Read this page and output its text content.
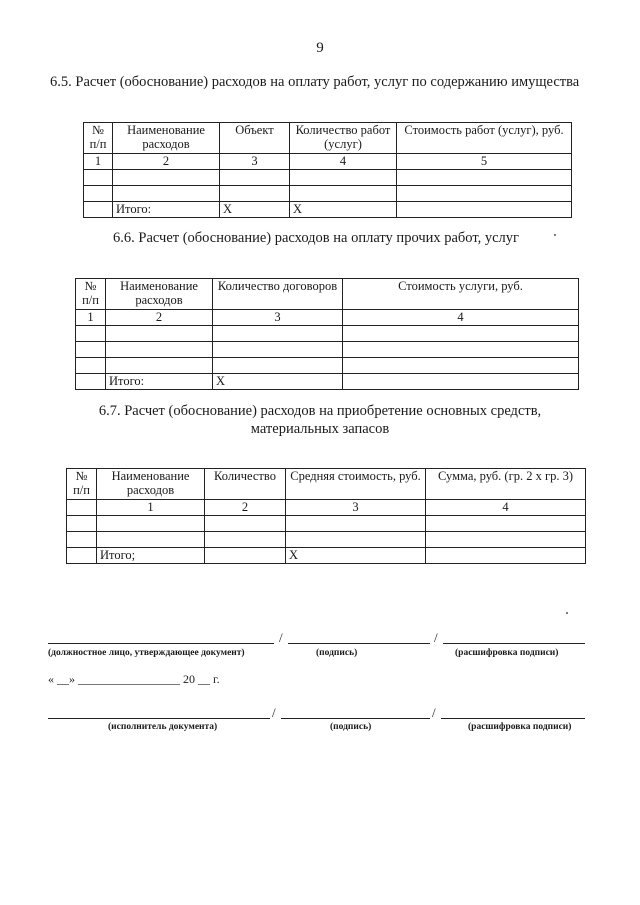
9
6.5. Расчет (обоснование) расходов на оплату работ, услуг по содержанию имущества
№ п/п	Наименование расходов	Объект	Количество работ (услуг)	Стоимость работ (услуг), руб.
1	2	3	4	5

	Итого:	X	X	
6.6. Расчет (обоснование) расходов на оплату прочих работ, услуг
№ п/п	Наименование расходов	Количество договоров	Стоимость услуги, руб.
1	2	3	4

	Итого:	X	
6.7. Расчет (обоснование) расходов на приобретение основных средств,
материальных запасов
№ п/п	Наименование расходов	Количество	Средняя стоимость, руб.	Сумма, руб. (гр. 2 x гр. 3)
	1	2	3	4

	Итого;		X	
/	/
(должностное лицо, утверждающее документ)	(подпись)	(расшифровка подписи)
« __» _________________ 20 __ г.
/	/
(исполнитель документа)	(подпись)	(расшифровка подписи)
